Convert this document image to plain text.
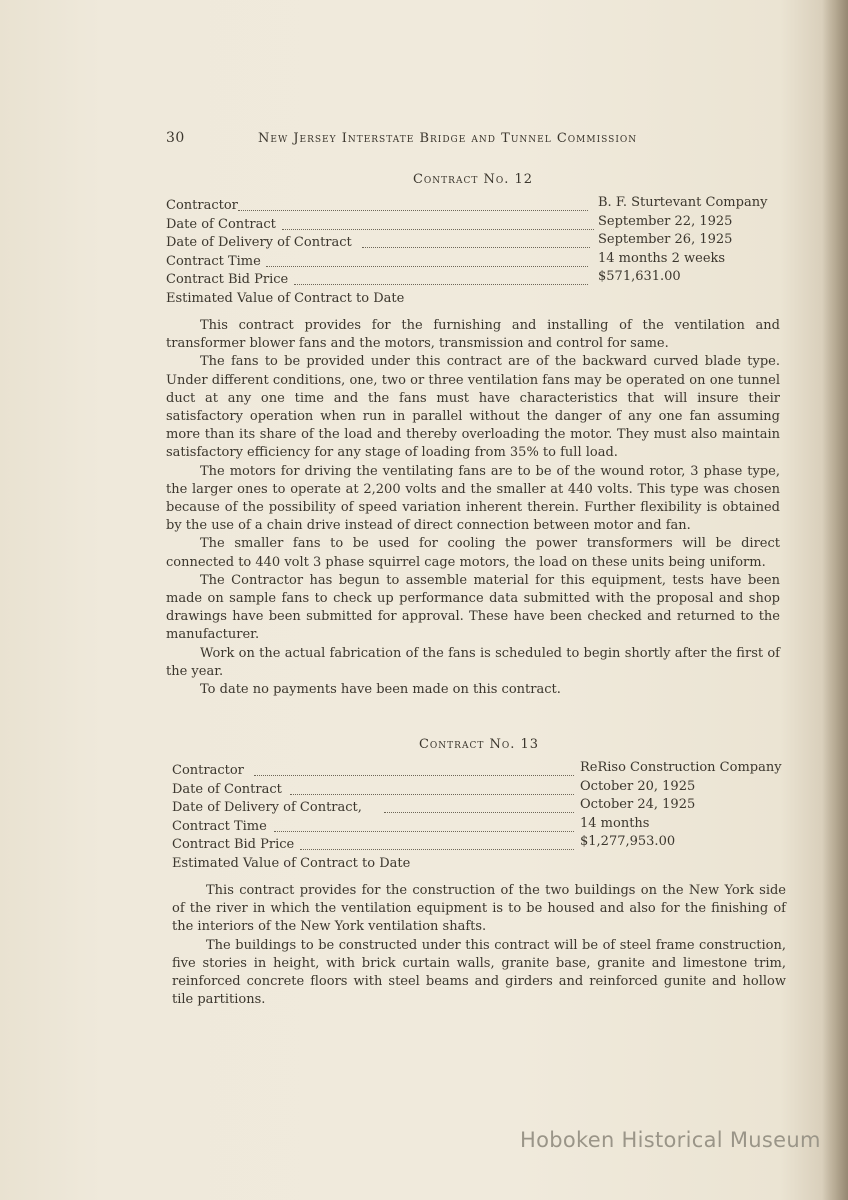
30	New Jersey Interstate Bridge and Tunnel Commission
Contract No. 12
Contractor	B. F. Sturtevant Company
Date of Contract	September 22, 1925
Date of Delivery of Contract	September 26, 1925
Contract Time	14 months 2 weeks
Contract Bid Price	$571,631.00
Estimated Value of Contract to Date

This contract provides for the furnishing and installing of the ventilation and transformer blower fans and the motors, transmission and control for same.

The fans to be provided under this contract are of the backward curved blade type. Under different conditions, one, two or three ventilation fans may be operated on one tunnel duct at any one time and the fans must have characteristics that will insure their satisfactory operation when run in parallel without the danger of any one fan assuming more than its share of the load and thereby overloading the motor. They must also maintain satisfactory efficiency for any stage of loading from 35% to full load.

The motors for driving the ventilating fans are to be of the wound rotor, 3 phase type, the larger ones to operate at 2,200 volts and the smaller at 440 volts. This type was chosen because of the possibility of speed variation inherent therein. Further flexibility is obtained by the use of a chain drive instead of direct connection between motor and fan.

The smaller fans to be used for cooling the power transformers will be direct connected to 440 volt 3 phase squirrel cage motors, the load on these units being uniform.

The Contractor has begun to assemble material for this equipment, tests have been made on sample fans to check up performance data submitted with the proposal and shop drawings have been submitted for approval. These have been checked and returned to the manufacturer.

Work on the actual fabrication of the fans is scheduled to begin shortly after the first of the year.

To date no payments have been made on this contract.

Contract No. 13
Contractor	ReRiso Construction Company
Date of Contract	October 20, 1925
Date of Delivery of Contract,	October 24, 1925
Contract Time	14 months
Contract Bid Price	$1,277,953.00
Estimated Value of Contract to Date

This contract provides for the construction of the two buildings on the New York side of the river in which the ventilation equipment is to be housed and also for the finishing of the interiors of the New York ventilation shafts.

The buildings to be constructed under this contract will be of steel frame construction, five stories in height, with brick curtain walls, granite base, granite and limestone trim, reinforced concrete floors with steel beams and girders and reinforced gunite and hollow tile partitions.

Hoboken Historical Museum
